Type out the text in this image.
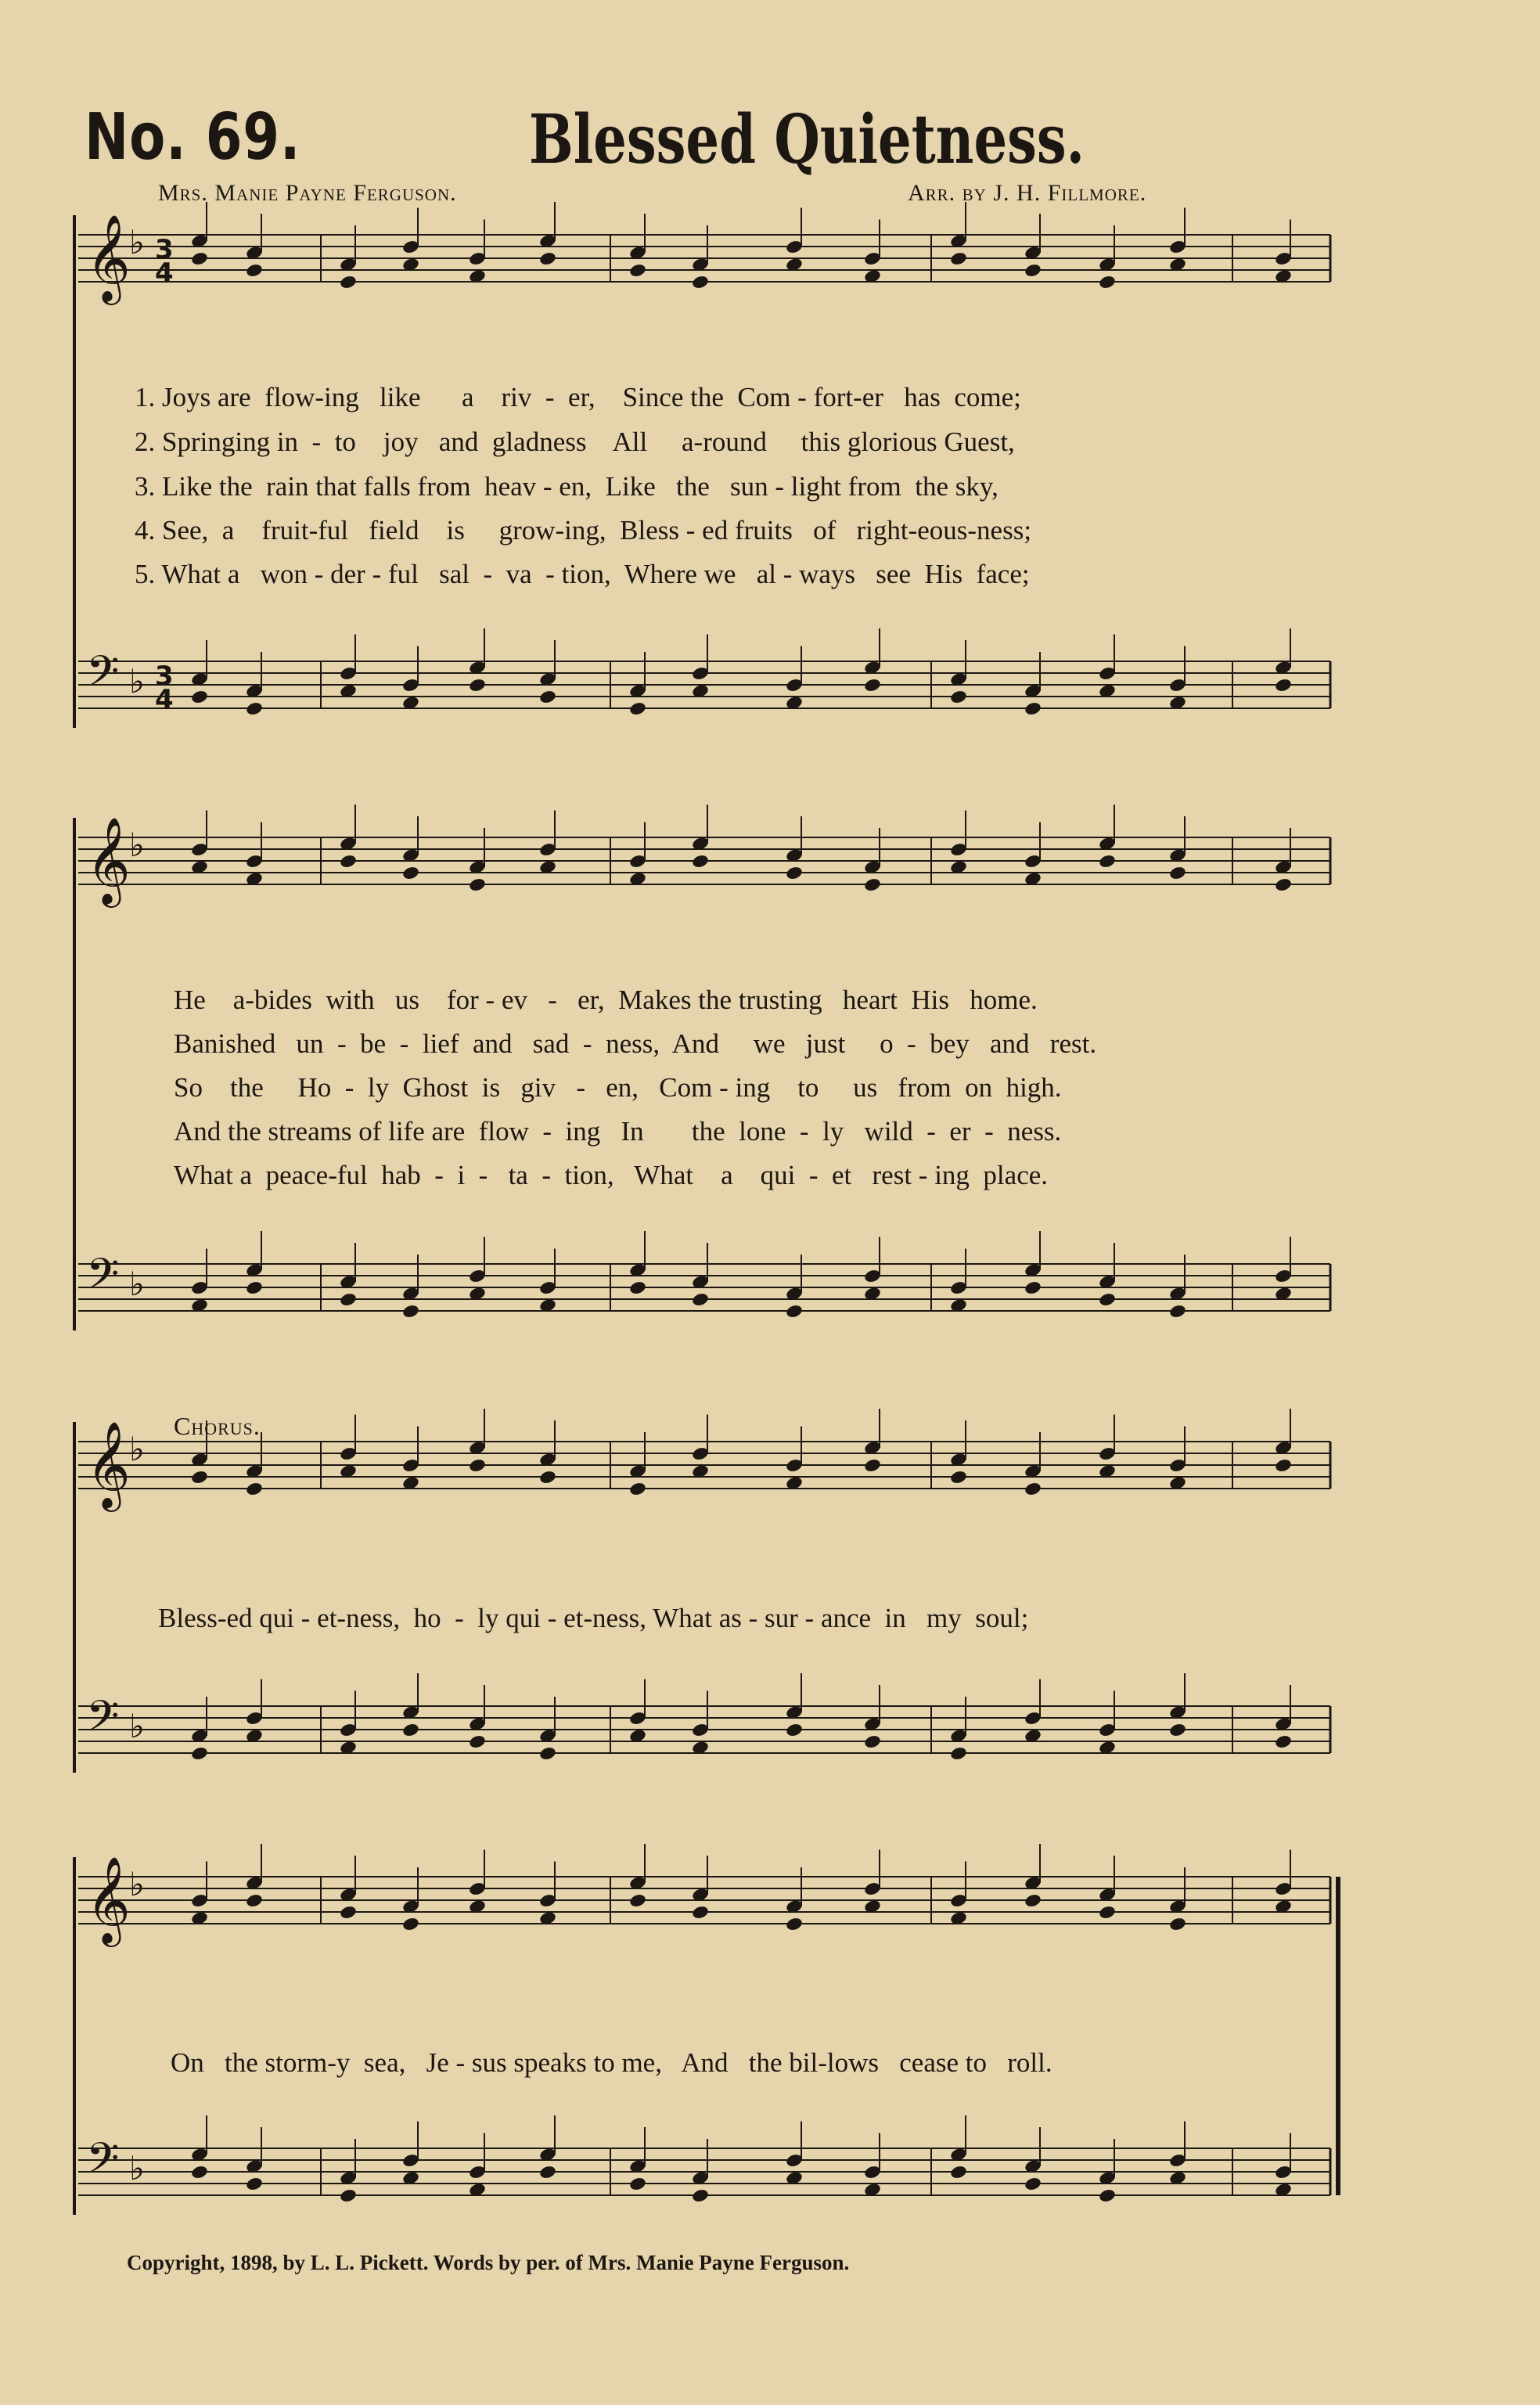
No. 69.	Blessed Quietness.
Mrs. Manie Payne Ferguson.	Arr. by J. H. Fillmore.
𝄞
♭
𝄢 ♭
𝄞
♭
𝄢 ♭
𝄞
♭
𝄢 ♭
𝄞
♭
𝄢 ♭
3
4
3
4
1. Joys are  flow-ing   like      a    riv  -  er,    Since the  Com - fort-er   has  come;
2. Springing in  -  to    joy   and  gladness    All     a-round     this glorious Guest,
3. Like the  rain that falls from  heav - en,  Like   the   sun - light from  the sky,
4. See,  a    fruit-ful   field    is     grow-ing,  Bless - ed fruits   of   right-eous-ness;
5. What a   won - der - ful   sal  -  va  - tion,  Where we   al - ways   see  His  face;
He    a-bides  with   us    for - ev   -   er,  Makes the trusting   heart  His   home.
Banished   un  -  be  -  lief  and   sad  -  ness,  And     we   just     o  -  bey   and   rest.
So    the     Ho  -  ly  Ghost  is   giv   -   en,   Com - ing    to     us   from  on  high.
And the streams of life are  flow  -  ing   In       the  lone  -  ly   wild  -  er  -  ness.
What a  peace-ful  hab  -  i  -   ta  -  tion,   What    a    qui  -  et   rest - ing  place.
Chorus.
Bless-ed qui - et-ness,  ho  -  ly qui - et-ness, What as - sur - ance  in   my  soul;
On   the storm-y  sea,   Je - sus speaks to me,   And   the bil-lows   cease to   roll.
Copyright, 1898, by L. L. Pickett. Words by per. of Mrs. Manie Payne Ferguson.
